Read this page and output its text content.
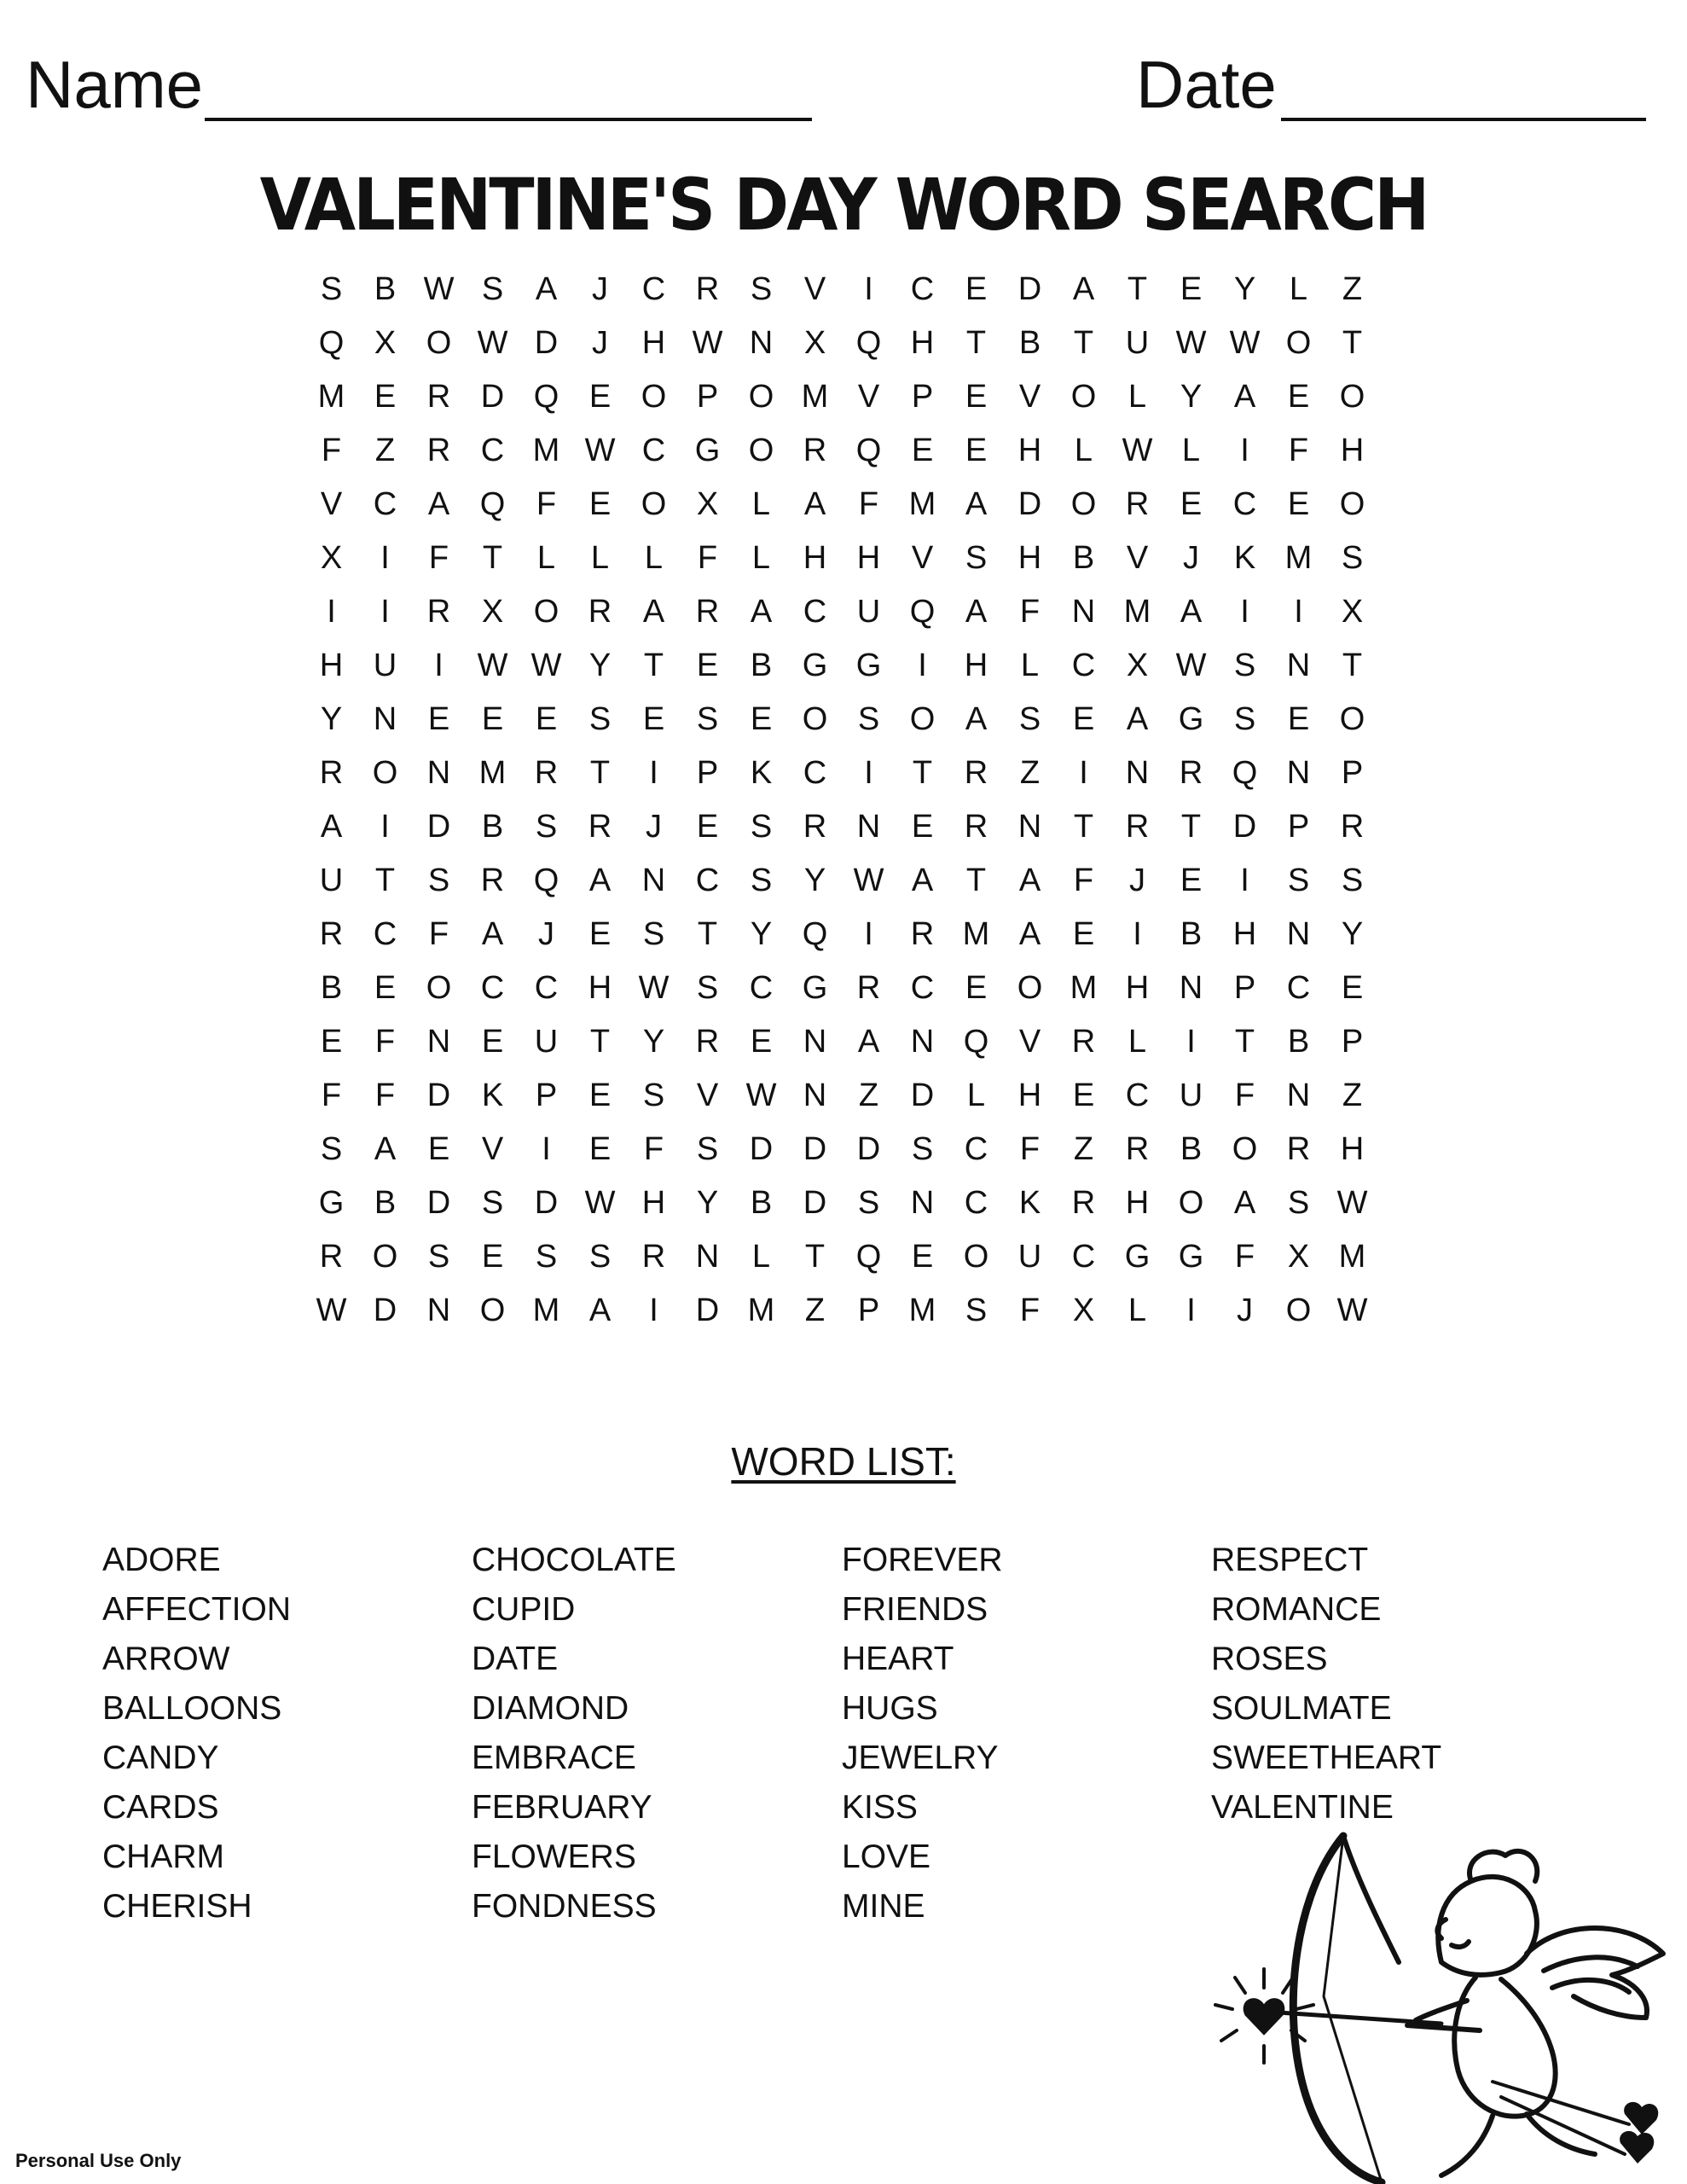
Name	Date
VALENTINE'S DAY WORD SEARCH
S B W S A	J	C R S V	I	C E D A	T	E Y	L	Z
Q X O W D	J	H W N X Q H T	B	T U W W O T
M E R D Q E O P O M V P E V O L	Y A E O
F	Z R C M W C G O R Q E E H	L W L	I	F H
V C A Q F	E O X	L	A	F M A D O R E C E O
X	I	F	T	L	L	L	F	L	H H V S H B V	J	K M S
I	I	R X O R A R A C U Q A	F N M A	I	I	X
H U	I	W W Y	T	E B G G	I	H	L	C X W S N T
Y N E E E S E S E O S O A S E A G S E O
R O N M R T	I	P K C	I	T R Z	I	N R Q N P
A	I	D B S R	J	E S R N E R N T R T D P R
U T	S R Q A N C S Y W A	T	A	F	J	E	I	S S
R C F	A	J	E S	T	Y Q	I	R M A E	I	B H N Y
B E O C C H W S C G R C E O M H N P C E
E	F N E U T	Y R E N A N Q V R	L	I	T	B P
F	F D K P E S V W N Z D	L	H E C U F N Z
S A E V	I	E	F	S D D D S C F	Z R B O R H
G B D S D W H Y B D S N C K R H O A S W
R O S E S S R N	L	T Q E O U C G G F	X M
W D N O M A	I	D M Z	P M S	F	X	L	I	J	O W
WORD LIST:
ADORE
AFFECTION
ARROW
BALLOONS
CANDY
CARDS
CHARM
CHERISH
CHOCOLATE
CUPID
DATE
DIAMOND
EMBRACE
FEBRUARY
FLOWERS
FONDNESS
FOREVER
FRIENDS
HEART
HUGS
JEWELRY
KISS
LOVE
MINE
RESPECT
ROMANCE
ROSES
SOULMATE
SWEETHEART
VALENTINE
Personal Use Only
